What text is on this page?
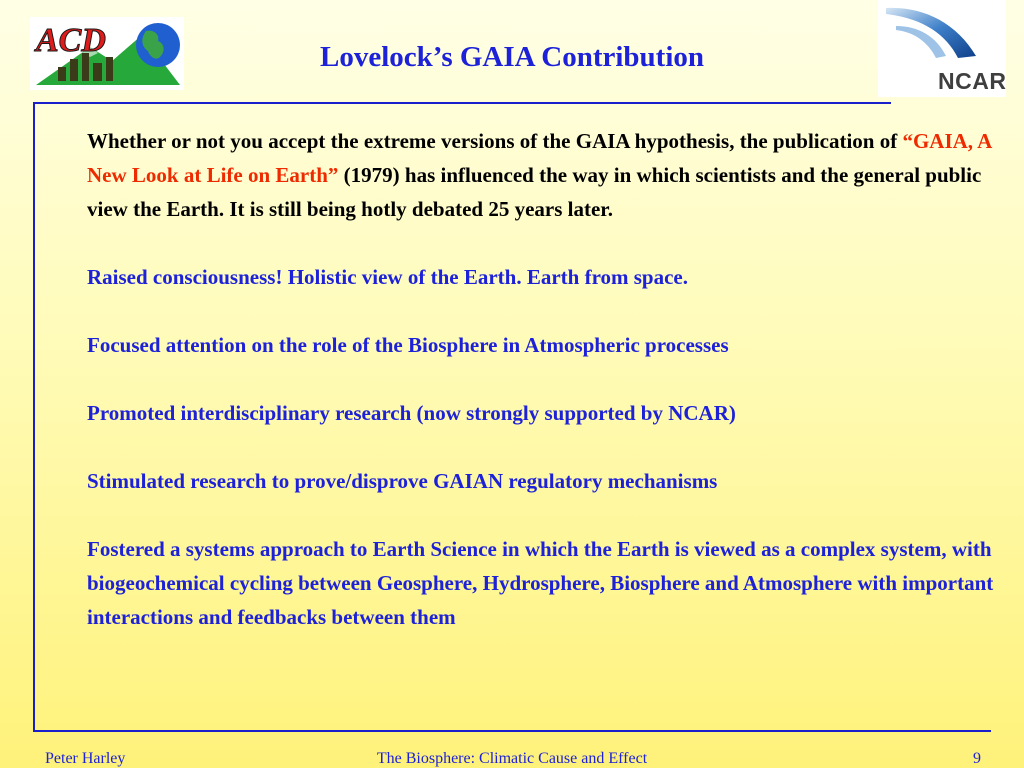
ACD
NCAR
Lovelock’s GAIA Contribution

Whether or not you accept the extreme versions of the GAIA hypothesis, the publication of “GAIA, A New Look at Life on Earth” (1979) has influenced the way in which scientists and the general public view the Earth. It is still being hotly debated 25 years later.

Raised consciousness! Holistic view of the Earth. Earth from space.

Focused attention on the role of the Biosphere in Atmospheric processes

Promoted interdisciplinary research (now strongly supported by NCAR)

Stimulated research to prove/disprove GAIAN regulatory mechanisms

Fostered a systems approach to Earth Science in which the Earth is viewed as a complex system, with biogeochemical cycling between Geosphere, Hydrosphere, Biosphere and Atmosphere with important interactions and feedbacks between them

Peter Harley	The Biosphere: Climatic Cause and Effect	9
